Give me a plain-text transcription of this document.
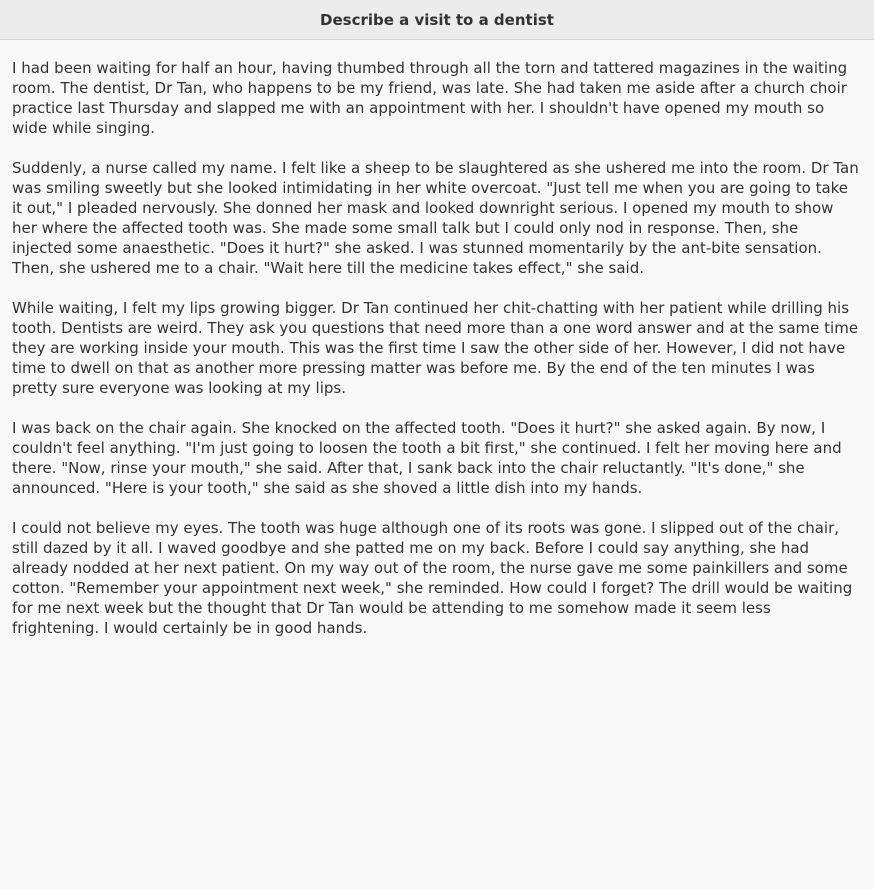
Describe a visit to a dentist

I had been waiting for half an hour, having thumbed through all the torn and tattered magazines in the waiting room. The dentist, Dr Tan, who happens to be my friend, was late. She had taken me aside after a church choir practice last Thursday and slapped me with an appointment with her. I shouldn't have opened my mouth so wide while singing.

Suddenly, a nurse called my name. I felt like a sheep to be slaughtered as she ushered me into the room. Dr Tan was smiling sweetly but she looked intimidating in her white overcoat. "Just tell me when you are going to take it out," I pleaded nervously. She donned her mask and looked downright serious. I opened my mouth to show her where the affected tooth was. She made some small talk but I could only nod in response. Then, she injected some anaesthetic. "Does it hurt?" she asked. I was stunned momentarily by the ant-bite sensation. Then, she ushered me to a chair. "Wait here till the medicine takes effect," she said.

While waiting, I felt my lips growing bigger. Dr Tan continued her chit-chatting with her patient while drilling his tooth. Dentists are weird. They ask you questions that need more than a one word answer and at the same time they are working inside your mouth. This was the first time I saw the other side of her. However, I did not have time to dwell on that as another more pressing matter was before me. By the end of the ten minutes I was pretty sure everyone was looking at my lips.

I was back on the chair again. She knocked on the affected tooth. "Does it hurt?" she asked again. By now, I couldn't feel anything. "I'm just going to loosen the tooth a bit first," she continued. I felt her moving here and there. "Now, rinse your mouth," she said. After that, I sank back into the chair reluctantly. "It's done," she announced. "Here is your tooth," she said as she shoved a little dish into my hands.

I could not believe my eyes. The tooth was huge although one of its roots was gone. I slipped out of the chair, still dazed by it all. I waved goodbye and she patted me on my back. Before I could say anything, she had already nodded at her next patient. On my way out of the room, the nurse gave me some painkillers and some cotton. "Remember your appointment next week," she reminded. How could I forget? The drill would be waiting for me next week but the thought that Dr Tan would be attending to me somehow made it seem less frightening. I would certainly be in good hands.
